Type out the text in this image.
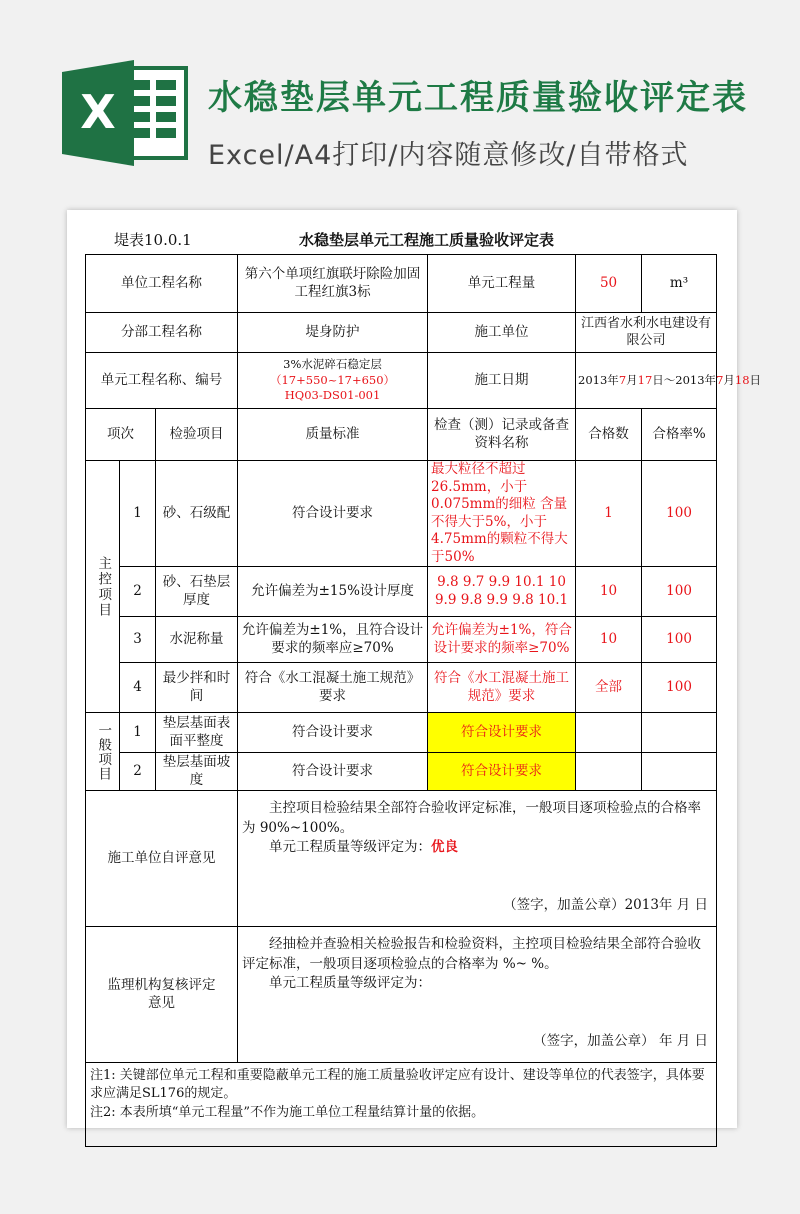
X	水稳垫层单元工程质量验收评定表
Excel/A4打印/内容随意修改/自带格式
堤表10.0.1	水稳垫层单元工程施工质量验收评定表
单位工程名称			第六个单项红旗联圩除险加固工程红旗3标	单元工程量	50	m³
分部工程名称			堤身防护	施工单位	江西省水利水电建设有限公司	
单元工程名称、编号			3%水泥碎石稳定层
（17+550~17+650）
HQ03-DS01-001	施工日期	2013年7月17日～2013年7月18日	
项次		检验项目	质量标准	检查（测）记录或备查资料名称	合格数	合格率%
主控项目	1	砂、石级配	符合设计要求	最大粒径不超过26.5mm，小于0.075mm的细粒 含量不得大于5%，小于4.75mm的颗粒不得大于50%	1	100
	2	砂、石垫层厚度	允许偏差为±15%设计厚度	9.8 9.7 9.9 10.1 10 9.9 9.8 9.9 9.8 10.1	10	100
	3	水泥称量	允许偏差为±1%，且符合设计要求的频率应≥70%	允许偏差为±1%，符合设计要求的频率≥70%	10	100
	4	最少拌和时间	符合《水工混凝土施工规范》要求	符合《水工混凝土施工规范》要求	全部	100
一般项目	1	垫层基面表面平整度	符合设计要求	符合设计要求		
	2	垫层基面坡度	符合设计要求	符合设计要求		
施工单位自评意见			主控项目检验结果全部符合验收评定标准，一般项目逐项检验点的合格率为 90%~100%。
单元工程质量等级评定为：优良
（签字，加盖公章）2013年 月 日			

监理机构复核评定意见			经抽检并查验相关检验报告和检验资料，主控项目检验结果全部符合验收评定标准，一般项目逐项检验点的合格率为 %~ %。
单元工程质量等级评定为：
（签字，加盖公章） 年 月 日			

注1: 关键部位单元工程和重要隐蔽单元工程的施工质量验收评定应有设计、建设等单位的代表签字，具体要求应满足SL176的规定。
注2: 本表所填“单元工程量”不作为施工单位工程量结算计量的依据。						
